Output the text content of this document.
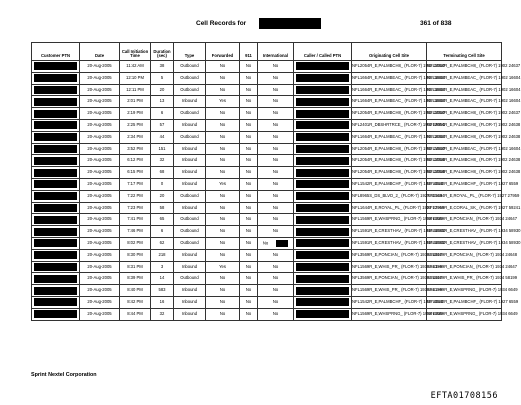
Cell Records for	361 of 838
Customer PTN	Date	Call Initiation Time	Duration (sec)	Type	Forwarded	911	International	Caller / Called PTN	Originating Cell Site	Terminating Cell Site

	20-Aug-2005	11:42 AM	38	Outbound	No	No	No		NFL2054R_E,PALMBCH8_ (FLOR-7) 1902 24637	NFL2054R_E,PALMBCH8_ (FLOR-7) 1902 24637

	20-Aug-2005	12:10 PM	5	Outbound	No	No	No		NFL1664R_E,PALMBEAC_ (FLOR-7) 1902 16604	NFL1664R_E,PALMBEAC_ (FLOR-7) 1902 16604

	20-Aug-2005	12:11 PM	20	Outbound	No	No	No		NFL1664R_E,PALMBEAC_ (FLOR-7) 1902 16604	NFL1664R_E,PALMBEAC_ (FLOR-7) 1902 16604

	20-Aug-2005	2:01 PM	13	Inbound	Yes	No	No		NFL1664R_E,PALMBEAC_ (FLOR-7) 1902 16604	NFL1664R_E,PALMBEAC_ (FLOR-7) 1902 16604

	20-Aug-2005	2:19 PM	6	Outbound	No	No	No		NFL2054R_E,PALMBCH8_ (FLOR-7) 1902 24637	NFL2054R_E,PALMBCH8_ (FLOR-7) 1902 24637

	20-Aug-2005	2:25 PM	57	Inbound	No	No	No		NFL2401R_DBSHRTRCE_ (FLOR-7) 1902 59691	NFL2054R_E,PALMBCH8_ (FLOR-7) 1902 24638

	20-Aug-2005	2:34 PM	44	Outbound	No	No	No		NFL1664R_E,PALMBEAC_ (FLOR-7) 1902 16604	NFL2054R_E,PALMBCH8_ (FLOR-7) 1902 24638

	20-Aug-2005	3:52 PM	151	Inbound	No	No	No		NFL2054R_E,PALMBCH8_ (FLOR-7) 1902 24637	NFL1664R_E,PALMBEAC_ (FLOR-7) 1902 16604

	20-Aug-2005	6:12 PM	32	Inbound	No	No	No		NFL2054R_E,PALMBCH8_ (FLOR-7) 1902 24638	NFL2054R_E,PALMBCH8_ (FLOR-7) 1902 24638

	20-Aug-2005	6:15 PM	68	Inbound	No	No	No		NFL2054R_E,PALMBCH8_ (FLOR-7) 1902 24638	NFL2054R_E,PALMBCH8_ (FLOR-7) 1902 24638

	20-Aug-2005	7:17 PM	0	Inbound	Yes	No	No		NFL1542R_E,PALMBCHF_ (FLOR-7) 1927 6559	NFL1542R_E,PALMBCHF_ (FLOR-7) 1927 6559

	20-Aug-2005	7:22 PM	20	Outbound	No	No	No		NFL8965S_DS_BLVD_2_ (FLOR-7) 1927 40549	NFL1644R_E,ROYAL_PL_ (FLOR-7) 1927 27959

	20-Aug-2005	7:23 PM	58	Inbound	No	No	No		NFL1644R_E,ROYAL_PL_ (FLOR-7) 1927 27959	NFL2969R_E,CORAL_SK_ (FLOR-7) 1927 59241

	20-Aug-2005	7:41 PM	65	Outbound	No	No	No		NFL1569R_E,WHSPRNG_ (FLOR-7) 1934 6939	NFL1569R_E,PONCIAN_ (FLOR-7) 1934 24647

	20-Aug-2005	7:46 PM	6	Outbound	No	No	No		NFL1591R_E,CRESTHAV_ (FLOR-7) 1934 58930	NFL1591R_E,CRESTHAV_ (FLOR-7) 1934 58930

	20-Aug-2005	8:02 PM	62	Outbound	No	No	No		NFL1591R_E,CRESTHAV_ (FLOR-7) 1934 58930	NFL1591R_E,CRESTHAV_ (FLOR-7) 1934 58930

	20-Aug-2005	8:30 PM	218	Inbound	No	No	No		NFL3569R_E,PONCIAN_ (FLOR-7) 1934 24647	NFL3569R_E,PONCIAN_ (FLOR-7) 1934 24648

	20-Aug-2005	8:31 PM	3	Inbound	Yes	No	No		NFL1569R_E,WHIS_PR_ (FLOR-7) 1934 58199	NFL3569R_E,PONCIAN_ (FLOR-7) 1934 24647

	20-Aug-2005	8:39 PM	14	Outbound	No	No	No		NFL3569R_E,PONCIAN_ (FLOR-7) 1934 24647	NFL1569R_E,WHIS_PR_ (FLOR-7) 1934 58199

	20-Aug-2005	8:40 PM	583	Inbound	No	No	No		NFL1569R_E,WHIS_PR_ (FLOR-7) 1934 58199	NFL1569R_E,WHSPRNG_ (FLOR-7) 1934 6649

	20-Aug-2005	8:42 PM	16	Inbound	No	No	No		NFL1542R_E,PALMBCHF_ (FLOR-7) 1927 6559	NFL1542R_E,PALMBCHF_ (FLOR-7) 1927 6559

	20-Aug-2005	8:44 PM	32	Inbound	No	No	No		NFL1569R_E,WHSPRNG_ (FLOR-7) 1934 6939	NFL1569R_E,WHSPRNG_ (FLOR-7) 1934 6649
Sprint Nextel Corporation
EFTA01708156
